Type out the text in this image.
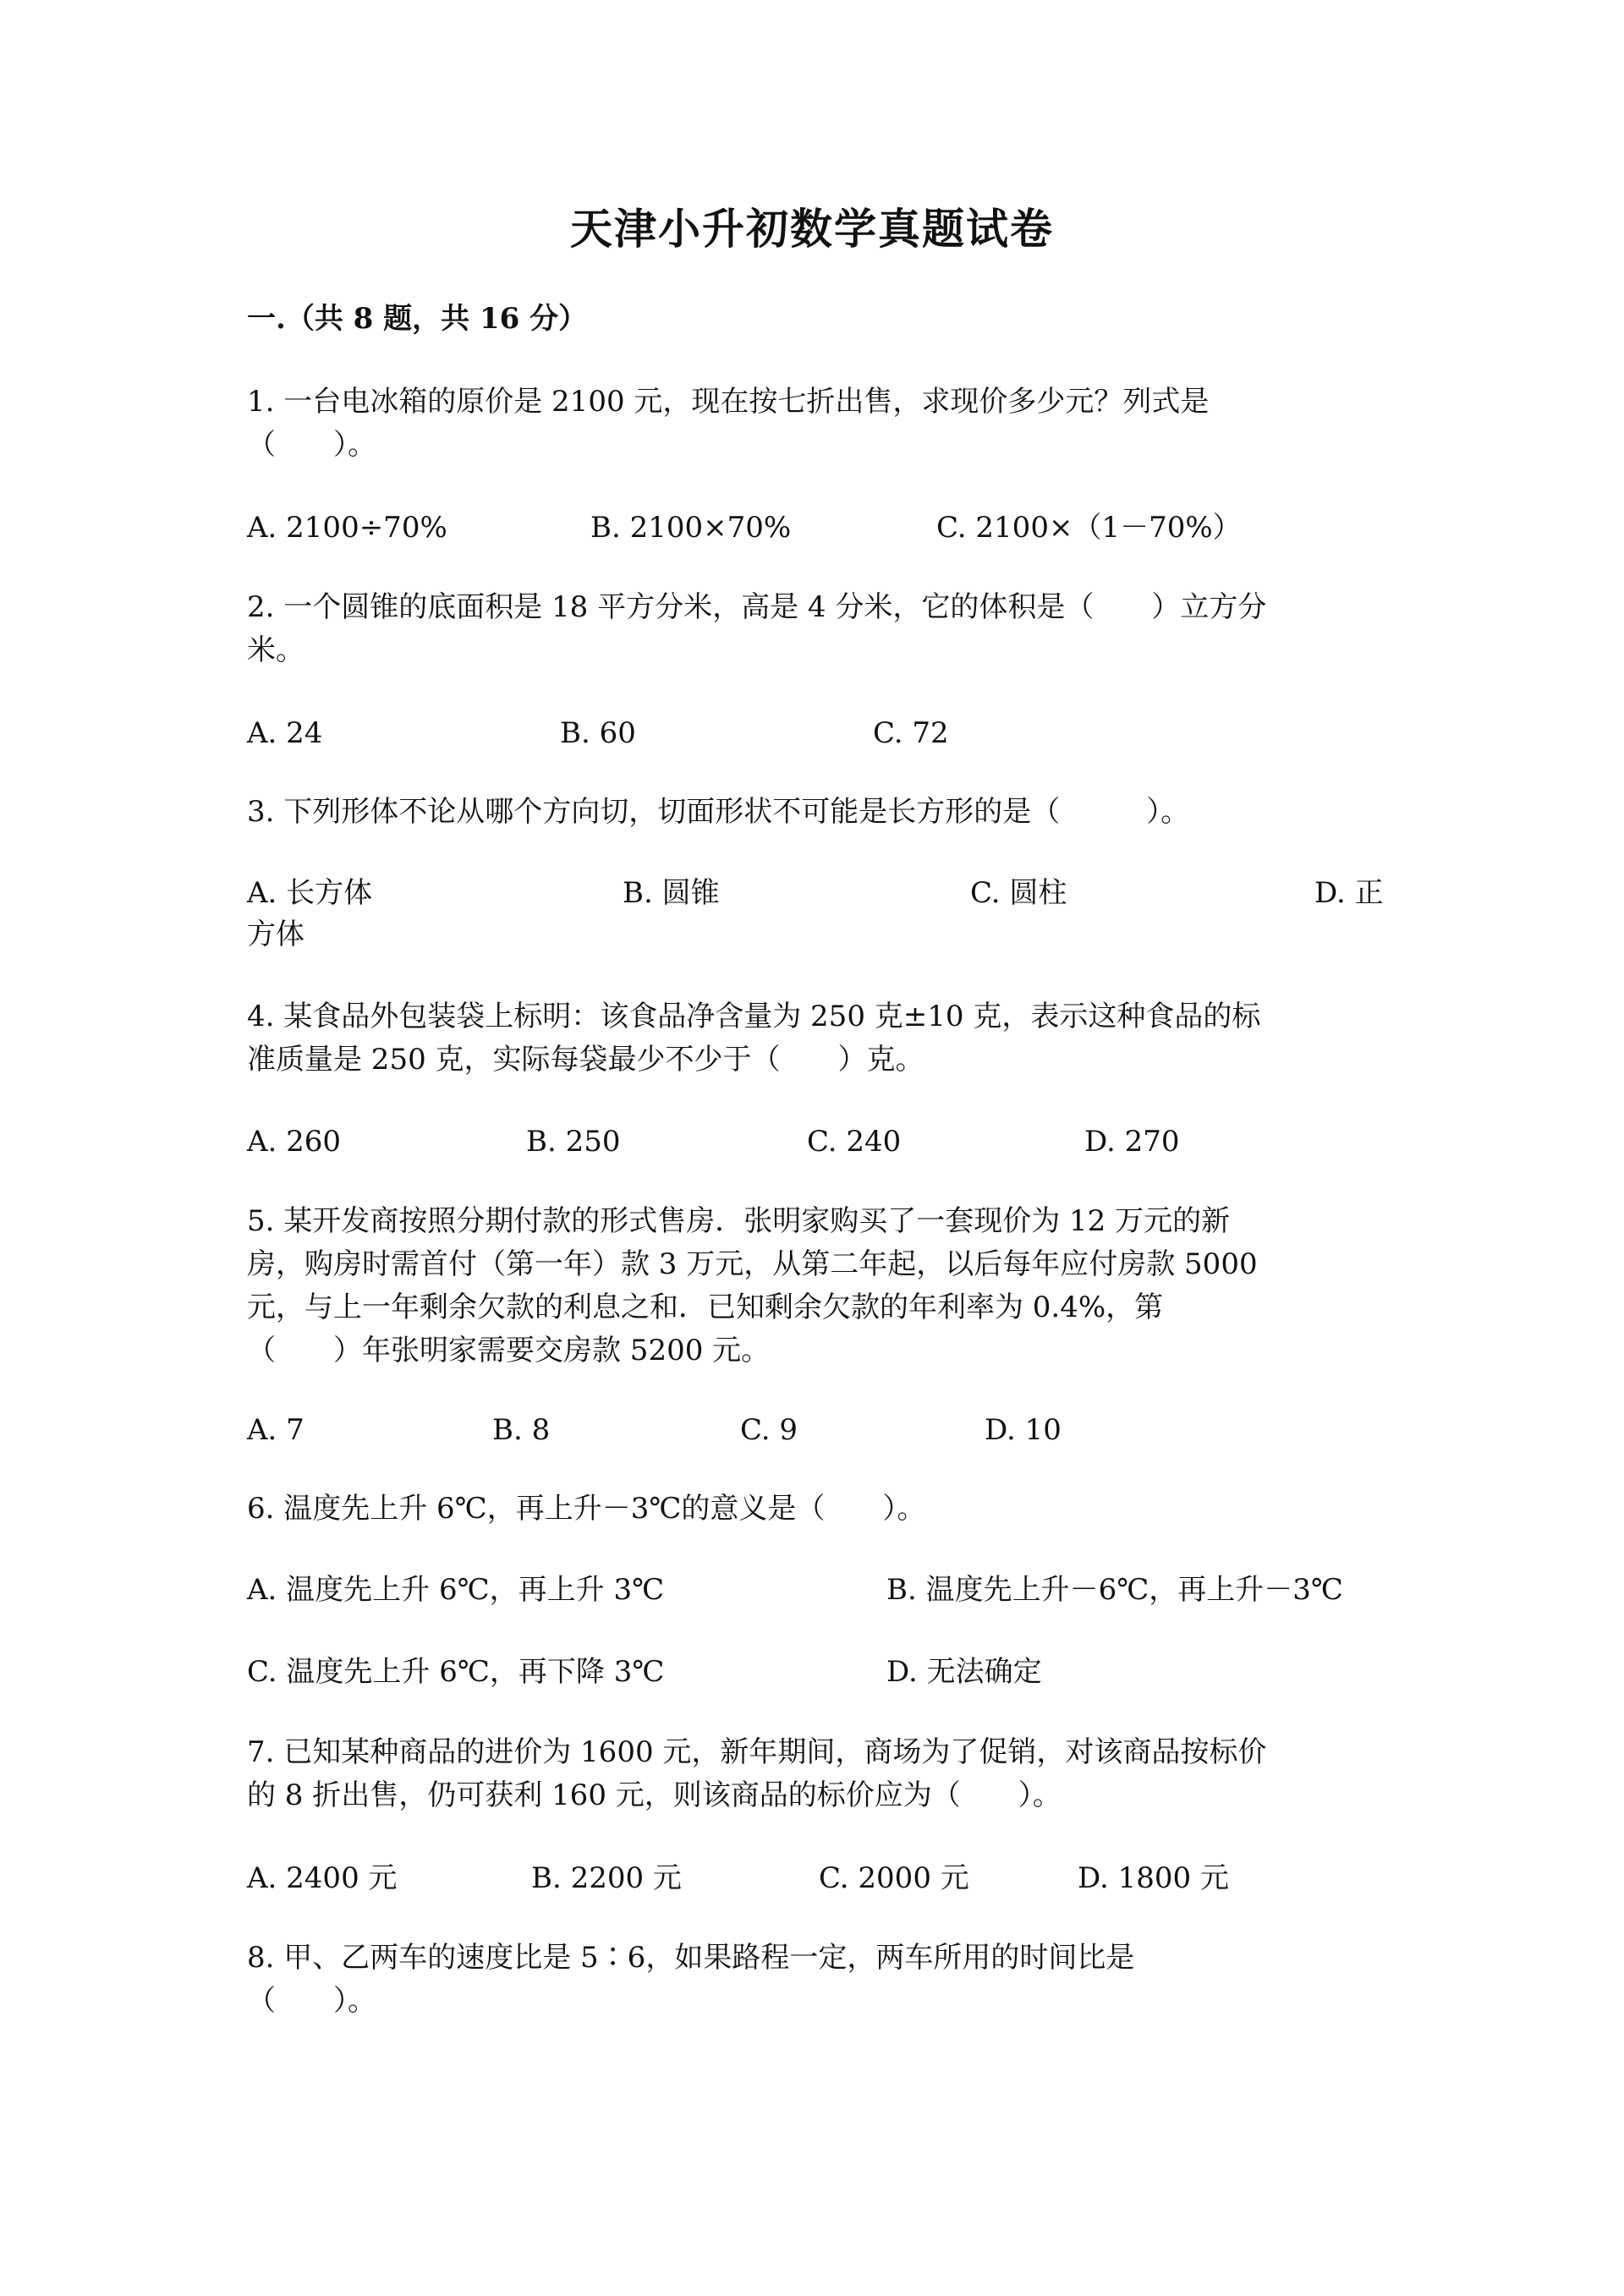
天津小升初数学真题试卷
一.（共 8 题，共 16 分）
1. 一台电冰箱的原价是 2100 元，现在按七折出售，求现价多少元？列式是
（　　）。
A. 2100÷70%	B. 2100×70%	C. 2100×（1－70%）
2. 一个圆锥的底面积是 18 平方分米，高是 4 分米，它的体积是（　　）立方分
米。
A. 24	B. 60	C. 72
3. 下列形体不论从哪个方向切，切面形状不可能是长方形的是（　　　）。
A. 长方体	B. 圆锥	C. 圆柱	D. 正
方体
4. 某食品外包装袋上标明：该食品净含量为 250 克±10 克，表示这种食品的标
准质量是 250 克，实际每袋最少不少于（　　）克。
A. 260	B. 250	C. 240	D. 270
5. 某开发商按照分期付款的形式售房．张明家购买了一套现价为 12 万元的新
房，购房时需首付（第一年）款 3 万元，从第二年起，以后每年应付房款 5000
元，与上一年剩余欠款的利息之和．已知剩余欠款的年利率为 0.4%，第
（　　）年张明家需要交房款 5200 元。
A. 7	B. 8	C. 9	D. 10
6. 温度先上升 6℃，再上升－3℃的意义是（　　）。
A. 温度先上升 6℃，再上升 3℃	B. 温度先上升－6℃，再上升－3℃
C. 温度先上升 6℃，再下降 3℃	D. 无法确定
7. 已知某种商品的进价为 1600 元，新年期间，商场为了促销，对该商品按标价
的 8 折出售，仍可获利 160 元，则该商品的标价应为（　　）。
A. 2400 元	B. 2200 元	C. 2000 元	D. 1800 元
8. 甲、乙两车的速度比是 5∶6，如果路程一定，两车所用的时间比是
（　　）。
